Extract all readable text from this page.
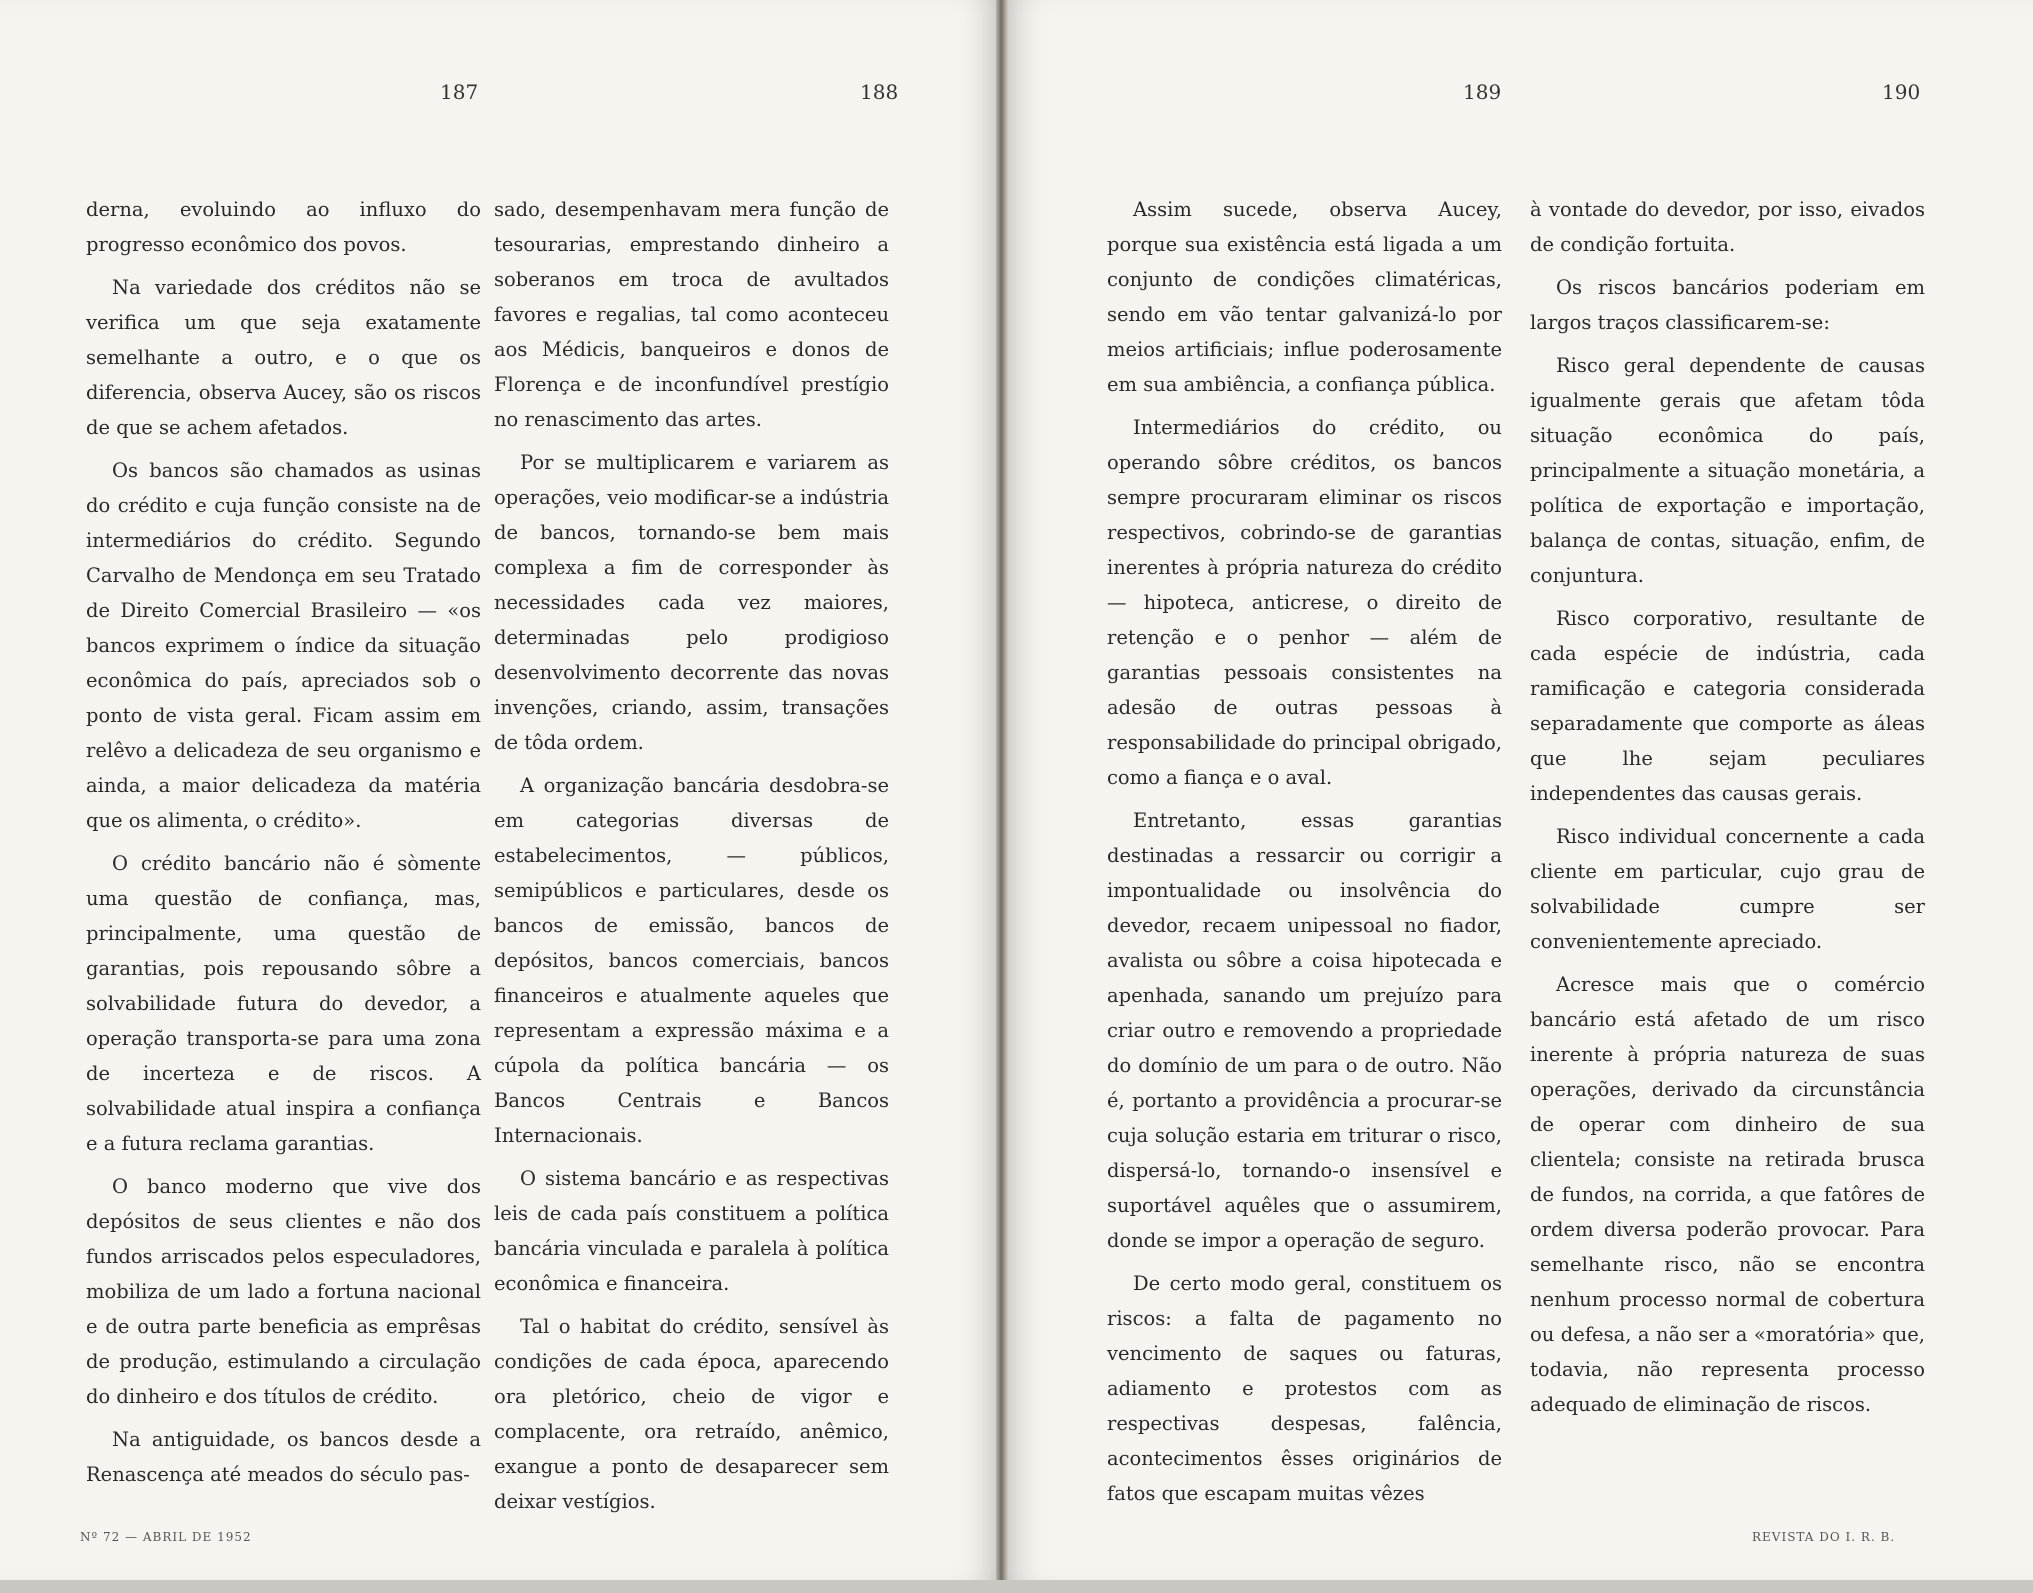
187	188	189	190

derna, evoluindo ao influxo do progresso econômico dos povos.

Na variedade dos créditos não se verifica um que seja exatamente semelhante a outro, e o que os diferencia, observa Aucey, são os riscos de que se achem afetados.

Os bancos são chamados as usinas do crédito e cuja função consiste na de intermediários do crédito. Segundo Carvalho de Mendonça em seu Tratado de Direito Comercial Brasileiro — «os bancos exprimem o índice da situação econômica do país, apreciados sob o ponto de vista geral. Ficam assim em relêvo a delicadeza de seu organismo e ainda, a maior delicadeza da matéria que os alimenta, o crédito».

O crédito bancário não é sòmente uma questão de confiança, mas, principalmente, uma questão de garantias, pois repousando sôbre a solvabilidade futura do devedor, a operação transporta-se para uma zona de incerteza e de riscos. A solvabilidade atual inspira a confiança e a futura reclama garantias.

O banco moderno que vive dos depósitos de seus clientes e não dos fundos arriscados pelos especuladores, mobiliza de um lado a fortuna nacional e de outra parte beneficia as emprêsas de produção, estimulando a circulação do dinheiro e dos títulos de crédito.

Na antiguidade, os bancos desde a Renascença até meados do século pas-

sado, desempenhavam mera função de tesourarias, emprestando dinheiro a soberanos em troca de avultados favores e regalias, tal como aconteceu aos Médicis, banqueiros e donos de Florença e de inconfundível prestígio no renascimento das artes.

Por se multiplicarem e variarem as operações, veio modificar-se a indústria de bancos, tornando-se bem mais complexa a fim de corresponder às necessidades cada vez maiores, determinadas pelo prodigioso desenvolvimento decorrente das novas invenções, criando, assim, transações de tôda ordem.

A organização bancária desdobra-se em categorias diversas de estabelecimentos, — públicos, semipúblicos e particulares, desde os bancos de emissão, bancos de depósitos, bancos comerciais, bancos financeiros e atualmente aqueles que representam a expressão máxima e a cúpola da política bancária — os Bancos Centrais e Bancos Internacionais.

O sistema bancário e as respectivas leis de cada país constituem a política bancária vinculada e paralela à política econômica e financeira.

Tal o habitat do crédito, sensível às condições de cada época, aparecendo ora pletórico, cheio de vigor e complacente, ora retraído, anêmico, exangue a ponto de desaparecer sem deixar vestígios.

Assim sucede, observa Aucey, porque sua existência está ligada a um conjunto de condições climatéricas, sendo em vão tentar galvanizá-lo por meios artificiais; influe poderosamente em sua ambiência, a confiança pública.

Intermediários do crédito, ou operando sôbre créditos, os bancos sempre procuraram eliminar os riscos respectivos, cobrindo-se de garantias inerentes à própria natureza do crédito — hipoteca, anticrese, o direito de retenção e o penhor — além de garantias pessoais consistentes na adesão de outras pessoas à responsabilidade do principal obrigado, como a fiança e o aval.

Entretanto, essas garantias destinadas a ressarcir ou corrigir a impontualidade ou insolvência do devedor, recaem unipessoal no fiador, avalista ou sôbre a coisa hipotecada e apenhada, sanando um prejuízo para criar outro e removendo a propriedade do domínio de um para o de outro. Não é, portanto a providência a procurar-se cuja solução estaria em triturar o risco, dispersá-lo, tornando-o insensível e suportável aquêles que o assumirem, donde se impor a operação de seguro.

De certo modo geral, constituem os riscos: a falta de pagamento no vencimento de saques ou faturas, adiamento e protestos com as respectivas despesas, falência, acontecimentos êsses originários de fatos que escapam muitas vêzes

à vontade do devedor, por isso, eivados de condição fortuita.

Os riscos bancários poderiam em largos traços classificarem-se:

Risco geral dependente de causas igualmente gerais que afetam tôda situação econômica do país, principalmente a situação monetária, a política de exportação e importação, balança de contas, situação, enfim, de conjuntura.

Risco corporativo, resultante de cada espécie de indústria, cada ramificação e categoria considerada separadamente que comporte as áleas que lhe sejam peculiares independentes das causas gerais.

Risco individual concernente a cada cliente em particular, cujo grau de solvabilidade cumpre ser convenientemente apreciado.

Acresce mais que o comércio bancário está afetado de um risco inerente à própria natureza de suas operações, derivado da circunstância de operar com dinheiro de sua clientela; consiste na retirada brusca de fundos, na corrida, a que fatôres de ordem diversa poderão provocar. Para semelhante risco, não se encontra nenhum processo normal de cobertura ou defesa, a não ser a «moratória» que, todavia, não representa processo adequado de eliminação de riscos.

Nº 72 — ABRIL DE 1952	REVISTA DO I. R. B.
